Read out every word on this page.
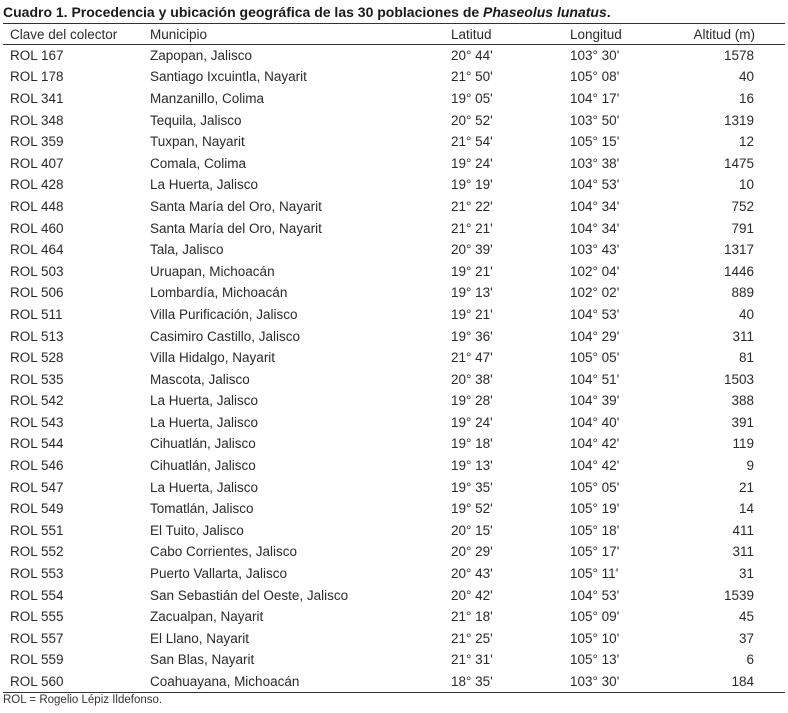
Cuadro 1. Procedencia y ubicación geográfica de las 30 poblaciones de Phaseolus lunatus.
Clave del colector	Municipio	Latitud	Longitud	Altitud (m)
ROL 167	Zapopan, Jalisco	20° 44'	103° 30'	1578
ROL 178	Santiago Ixcuintla, Nayarit	21° 50'	105° 08'	40
ROL 341	Manzanillo, Colima	19° 05'	104° 17'	16
ROL 348	Tequila, Jalisco	20° 52'	103° 50'	1319
ROL 359	Tuxpan, Nayarit	21° 54'	105° 15'	12
ROL 407	Comala, Colima	19° 24'	103° 38'	1475
ROL 428	La Huerta, Jalisco	19° 19'	104° 53'	10
ROL 448	Santa María del Oro, Nayarit	21° 22'	104° 34'	752
ROL 460	Santa María del Oro, Nayarit	21° 21'	104° 34'	791
ROL 464	Tala, Jalisco	20° 39'	103° 43'	1317
ROL 503	Uruapan, Michoacán	19° 21'	102° 04'	1446
ROL 506	Lombardía, Michoacán	19° 13'	102° 02'	889
ROL 511	Villa Purificación, Jalisco	19° 21'	104° 53'	40
ROL 513	Casimiro Castillo, Jalisco	19° 36'	104° 29'	311
ROL 528	Villa Hidalgo, Nayarit	21° 47'	105° 05'	81
ROL 535	Mascota, Jalisco	20° 38'	104° 51'	1503
ROL 542	La Huerta, Jalisco	19° 28'	104° 39'	388
ROL 543	La Huerta, Jalisco	19° 24'	104° 40'	391
ROL 544	Cihuatlán, Jalisco	19° 18'	104° 42'	119
ROL 546	Cihuatlán, Jalisco	19° 13'	104° 42'	9
ROL 547	La Huerta, Jalisco	19° 35'	105° 05'	21
ROL 549	Tomatlán, Jalisco	19° 52'	105° 19'	14
ROL 551	El Tuito, Jalisco	20° 15'	105° 18'	411
ROL 552	Cabo Corrientes, Jalisco	20° 29'	105° 17'	311
ROL 553	Puerto Vallarta, Jalisco	20° 43'	105° 11'	31
ROL 554	San Sebastián del Oeste, Jalisco	20° 42'	104° 53'	1539
ROL 555	Zacualpan, Nayarit	21° 18'	105° 09'	45
ROL 557	El Llano, Nayarit	21° 25'	105° 10'	37
ROL 559	San Blas, Nayarit	21° 31'	105° 13'	6
ROL 560	Coahuayana, Michoacán	18° 35'	103° 30'	184
ROL = Rogelio Lépiz Ildefonso.
